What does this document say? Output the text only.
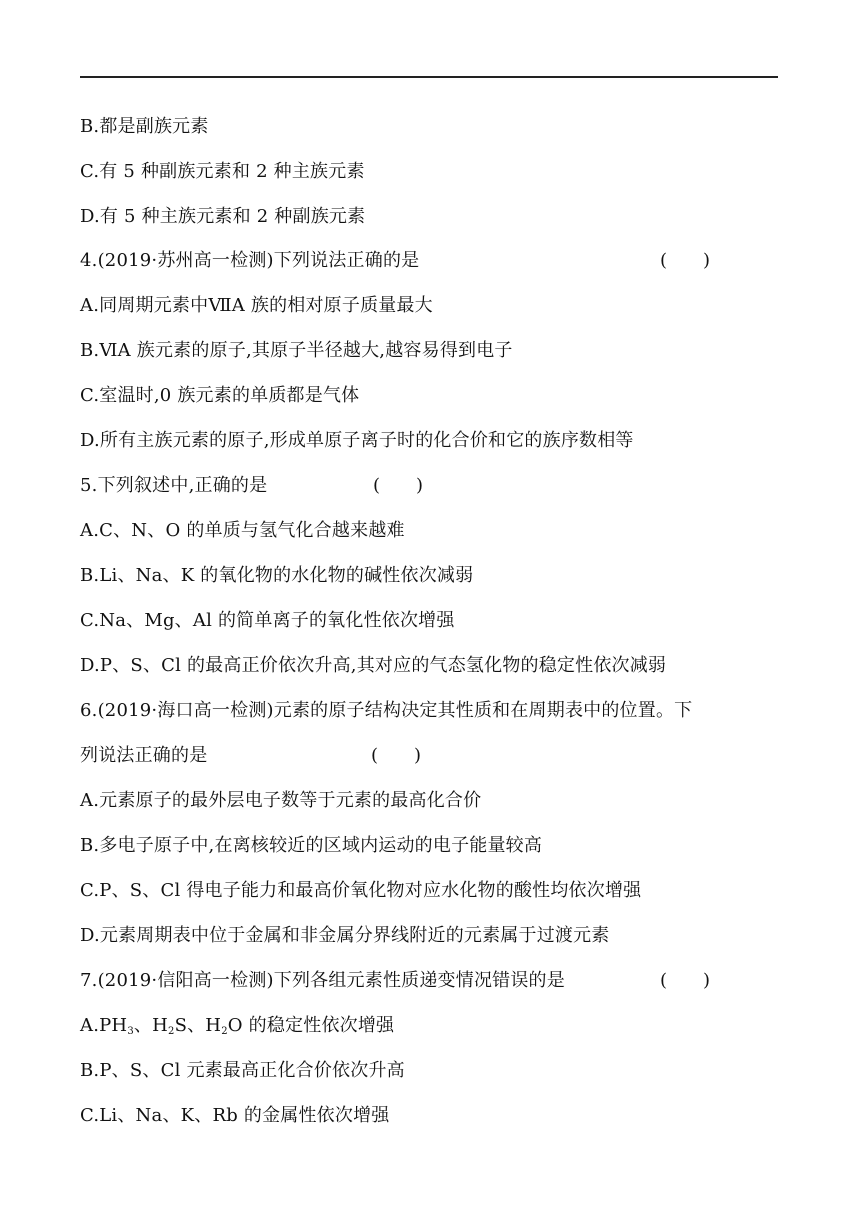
B.都是副族元素
C.有 5 种副族元素和 2 种主族元素
D.有 5 种主族元素和 2 种副族元素
4.(2019·苏州高一检测)下列说法正确的是	(　　)
A.同周期元素中ⅦA 族的相对原子质量最大
B.ⅥA 族元素的原子,其原子半径越大,越容易得到电子
C.室温时,0 族元素的单质都是气体
D.所有主族元素的原子,形成单原子离子时的化合价和它的族序数相等
5.下列叙述中,正确的是	(　　)
A.C、N、O 的单质与氢气化合越来越难
B.Li、Na、K 的氧化物的水化物的碱性依次减弱
C.Na、Mg、Al 的简单离子的氧化性依次增强
D.P、S、Cl 的最高正价依次升高,其对应的气态氢化物的稳定性依次减弱
6.(2019·海口高一检测)元素的原子结构决定其性质和在周期表中的位置。下
列说法正确的是	(　　)
A.元素原子的最外层电子数等于元素的最高化合价
B.多电子原子中,在离核较近的区域内运动的电子能量较高
C.P、S、Cl 得电子能力和最高价氧化物对应水化物的酸性均依次增强
D.元素周期表中位于金属和非金属分界线附近的元素属于过渡元素
7.(2019·信阳高一检测)下列各组元素性质递变情况错误的是	(　　)
$A.PH_3$、$H_2S$、$H_2O$ 的稳定性依次增强
B.P、S、Cl 元素最高正化合价依次升高
C.Li、Na、K、Rb 的金属性依次增强
